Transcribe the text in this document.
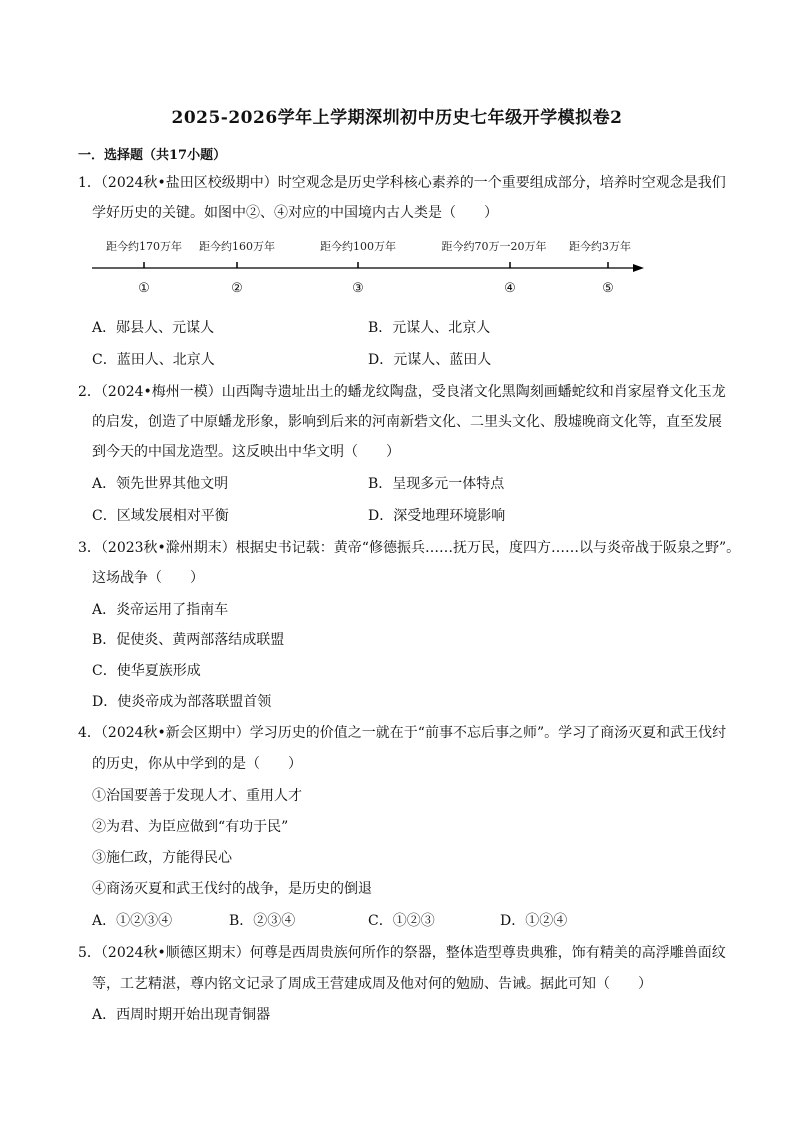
2025-2026学年上学期深圳初中历史七年级开学模拟卷2
一．选择题（共17小题）
1．（2024秋•盐田区校级期中）时空观念是历史学科核心素养的一个重要组成部分，培养时空观念是我们
学好历史的关键。如图中②、④对应的中国境内古人类是（　　）
距今约170万年 距今约160万年	距今约100万年	距今约70万一20万年 距今约3万年
①	②	③	④	⑤
A．郧县人、元谋人	B．元谋人、北京人
C．蓝田人、北京人	D．元谋人、蓝田人
2．（2024•梅州一模）山西陶寺遗址出土的蟠龙纹陶盘，受良渚文化黑陶刻画蟠蛇纹和肖家屋脊文化玉龙
的启发，创造了中原蟠龙形象，影响到后来的河南新砦文化、二里头文化、殷墟晚商文化等，直至发展
到今天的中国龙造型。这反映出中华文明（　　）
A．领先世界其他文明	B．呈现多元一体特点
C．区域发展相对平衡	D．深受地理环境影响
3．（2023秋•滁州期末）根据史书记载：黄帝“修德振兵……抚万民，度四方……以与炎帝战于阪泉之野”。
这场战争（　　）
A．炎帝运用了指南车
B．促使炎、黄两部落结成联盟
C．使华夏族形成
D．使炎帝成为部落联盟首领
4．（2024秋•新会区期中）学习历史的价值之一就在于“前事不忘后事之师”。学习了商汤灭夏和武王伐纣
的历史，你从中学到的是（　　）
①治国要善于发现人才、重用人才
②为君、为臣应做到“有功于民”
③施仁政，方能得民心
④商汤灭夏和武王伐纣的战争，是历史的倒退
A．①②③④	B．②③④	C．①②③	D．①②④
5．（2024秋•顺德区期末）何尊是西周贵族何所作的祭器，整体造型尊贵典雅，饰有精美的高浮雕兽面纹
等，工艺精湛，尊内铭文记录了周成王营建成周及他对何的勉励、告诫。据此可知（　　）
A．西周时期开始出现青铜器
